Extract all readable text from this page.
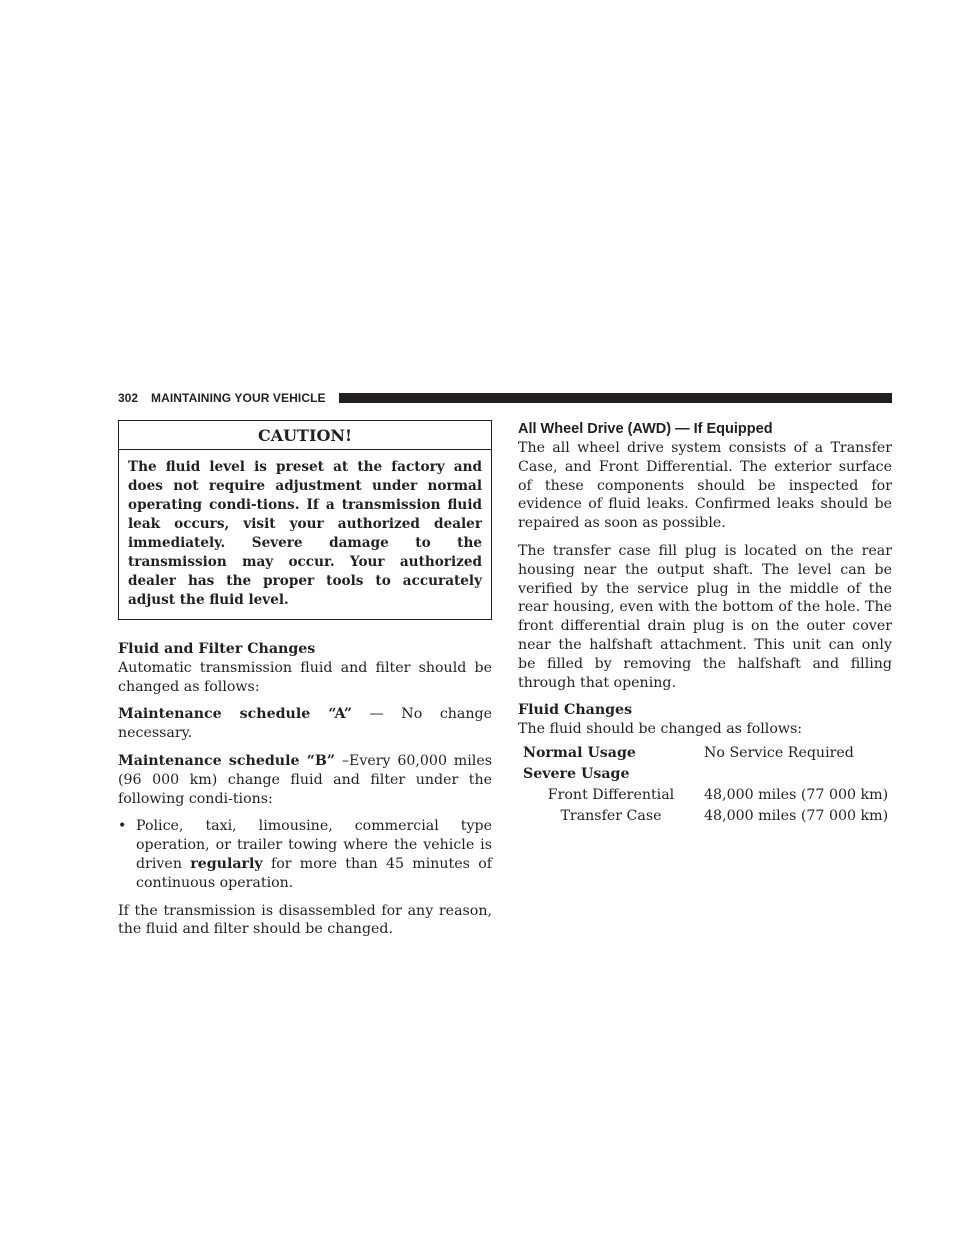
302 MAINTAINING YOUR VEHICLE
CAUTION!
The fluid level is preset at the factory and does not require adjustment under normal operating condi-tions. If a transmission fluid leak occurs, visit your authorized dealer immediately. Severe damage to the transmission may occur. Your authorized dealer has the proper tools to accurately adjust the fluid level.
Fluid and Filter Changes
Automatic transmission fluid and filter should be changed as follows:
Maintenance schedule “A” — No change necessary.
Maintenance schedule “B” –Every 60,000 miles (96 000 km) change fluid and filter under the following condi-tions:
• Police, taxi, limousine, commercial type operation, or trailer towing where the vehicle is driven regularly for more than 45 minutes of continuous operation.
If the transmission is disassembled for any reason, the fluid and filter should be changed.
All Wheel Drive (AWD) — If Equipped
The all wheel drive system consists of a Transfer Case, and Front Differential. The exterior surface of these components should be inspected for evidence of fluid leaks. Confirmed leaks should be repaired as soon as possible.
The transfer case fill plug is located on the rear housing near the output shaft. The level can be verified by the service plug in the middle of the rear housing, even with the bottom of the hole. The front differential drain plug is on the outer cover near the halfshaft attachment. This unit can only be filled by removing the halfshaft and filling through that opening.
Fluid Changes
The fluid should be changed as follows:
Normal Usage	No Service Required
Severe Usage
Front Differential	48,000 miles (77 000 km)
Transfer Case	48,000 miles (77 000 km)
